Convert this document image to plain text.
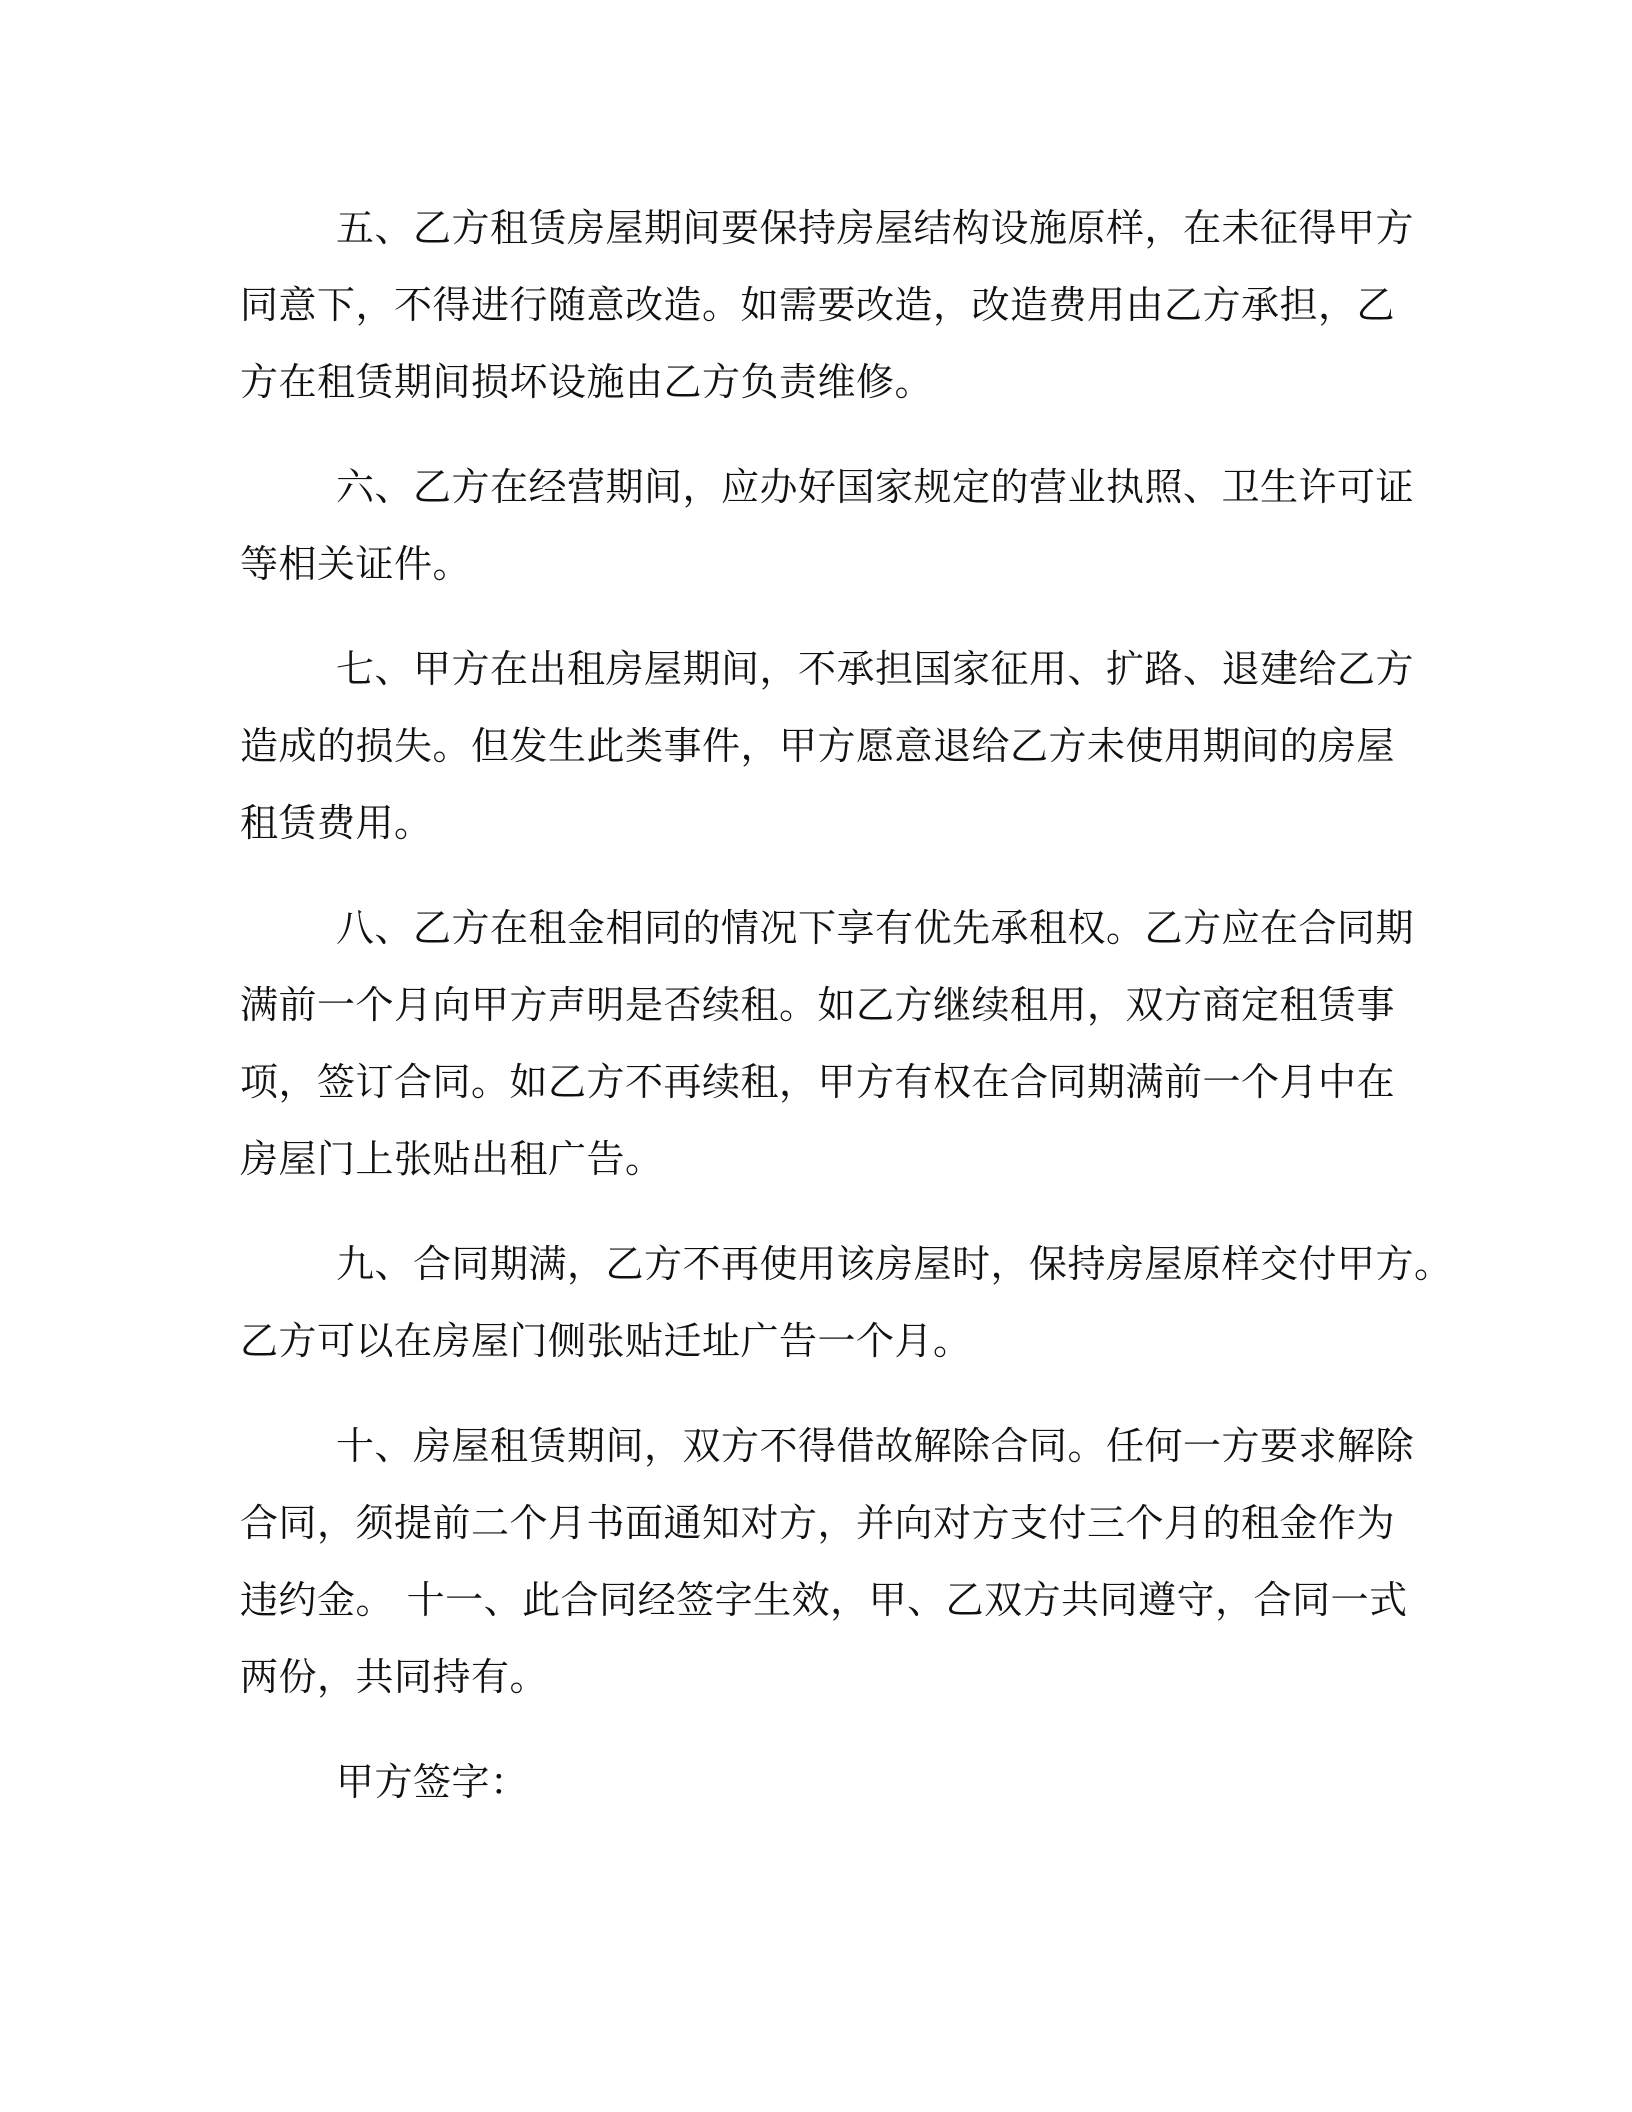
五、乙方租赁房屋期间要保持房屋结构设施原样，在未征得甲方
同意下，不得进行随意改造。如需要改造，改造费用由乙方承担，乙
方在租赁期间损坏设施由乙方负责维修。
六、乙方在经营期间，应办好国家规定的营业执照、卫生许可证
等相关证件。
七、甲方在出租房屋期间，不承担国家征用、扩路、退建给乙方
造成的损失。但发生此类事件，甲方愿意退给乙方未使用期间的房屋
租赁费用。
八、乙方在租金相同的情况下享有优先承租权。乙方应在合同期
满前一个月向甲方声明是否续租。如乙方继续租用，双方商定租赁事
项，签订合同。如乙方不再续租，甲方有权在合同期满前一个月中在
房屋门上张贴出租广告。
九、合同期满，乙方不再使用该房屋时，保持房屋原样交付甲方。
乙方可以在房屋门侧张贴迁址广告一个月。
十、房屋租赁期间，双方不得借故解除合同。任何一方要求解除
合同，须提前二个月书面通知对方，并向对方支付三个月的租金作为
违约金。 十一、此合同经签字生效，甲、乙双方共同遵守，合同一式
两份，共同持有。
甲方签字：
